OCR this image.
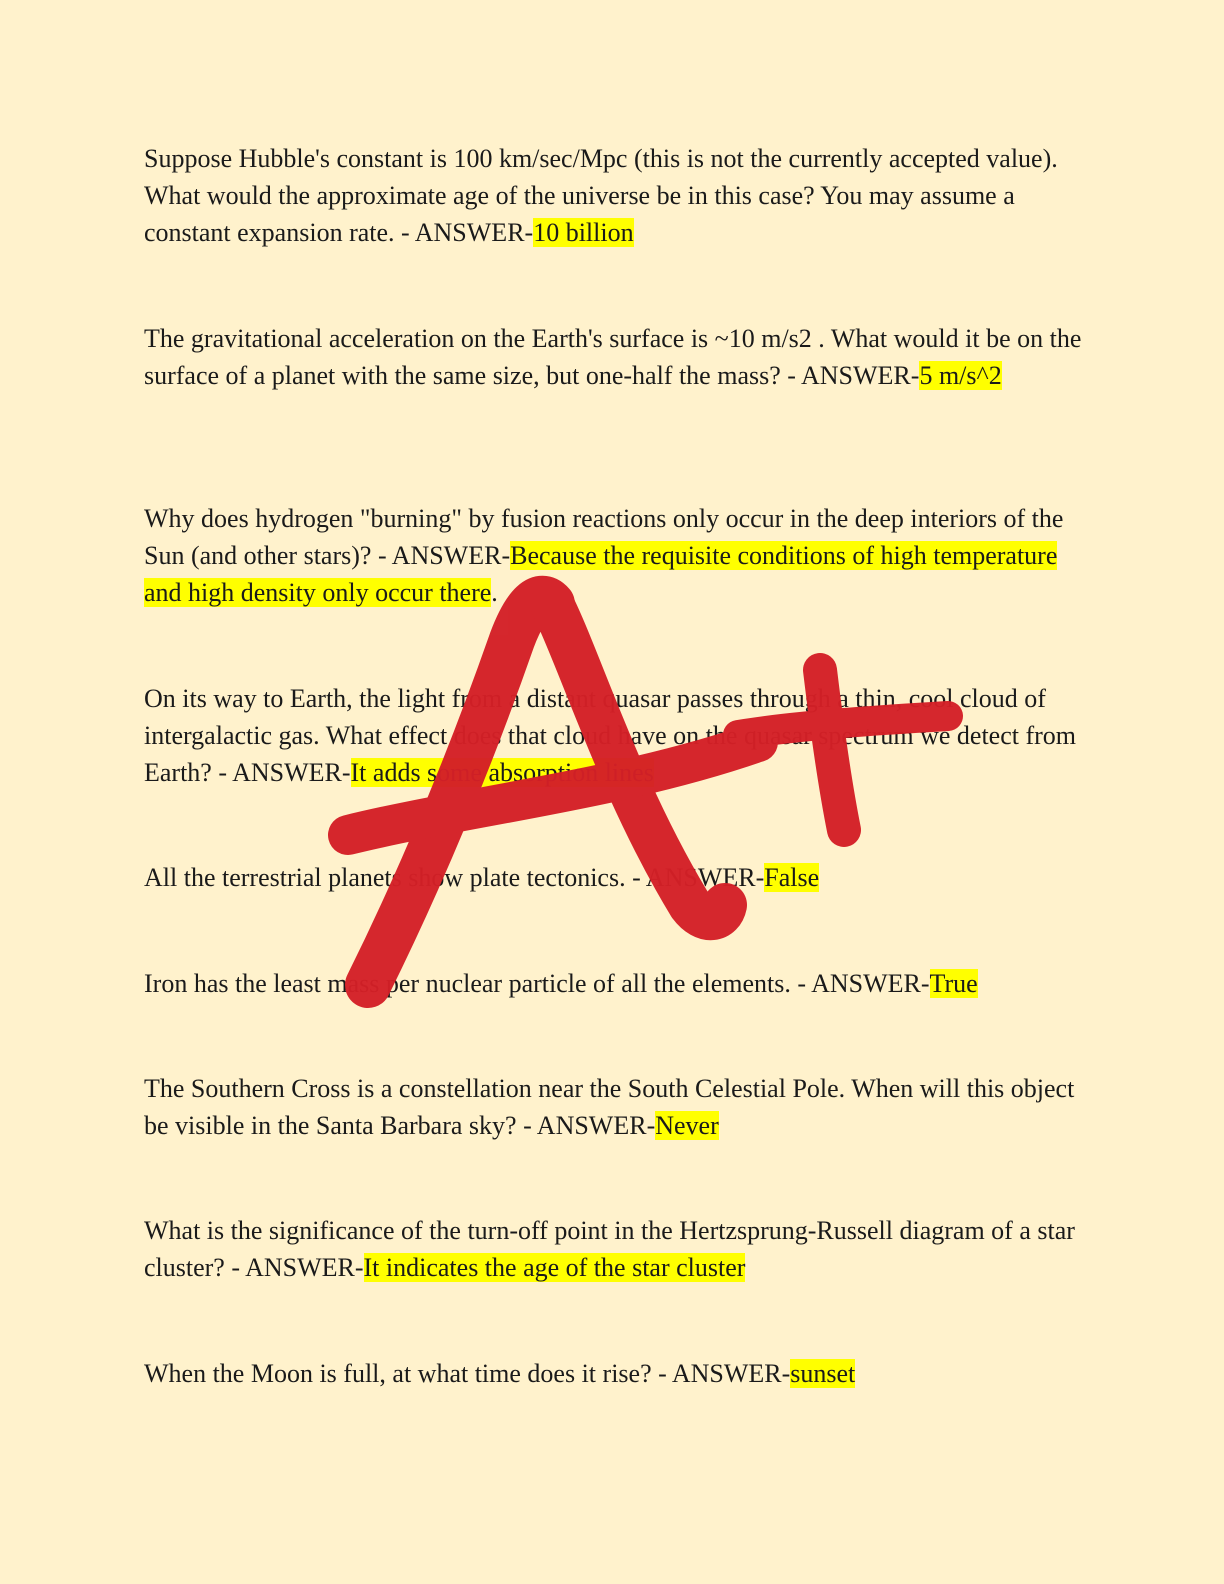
Suppose Hubble's constant is 100 km/sec/Mpc (this is not the currently accepted value). What would the approximate age of the universe be in this case? You may assume a constant expansion rate. - ANSWER-10 billion

The gravitational acceleration on the Earth's surface is ~10 m/s2 . What would it be on the surface of a planet with the same size, but one-half the mass? - ANSWER-5 m/s^2

Why does hydrogen "burning" by fusion reactions only occur in the deep interiors of the Sun (and other stars)? - ANSWER-Because the requisite conditions of high temperature and high density only occur there.

On its way to Earth, the light from a distant quasar passes through a thin, cool cloud of intergalactic gas. What effect does that cloud have on the quasar spectrum we detect from Earth? - ANSWER-It adds some absorption lines

All the terrestrial planets show plate tectonics. - ANSWER-False

Iron has the least mass per nuclear particle of all the elements. - ANSWER-True

The Southern Cross is a constellation near the South Celestial Pole. When will this object be visible in the Santa Barbara sky? - ANSWER-Never

What is the significance of the turn-off point in the Hertzsprung-Russell diagram of a star cluster? - ANSWER-It indicates the age of the star cluster

When the Moon is full, at what time does it rise? - ANSWER-sunset
